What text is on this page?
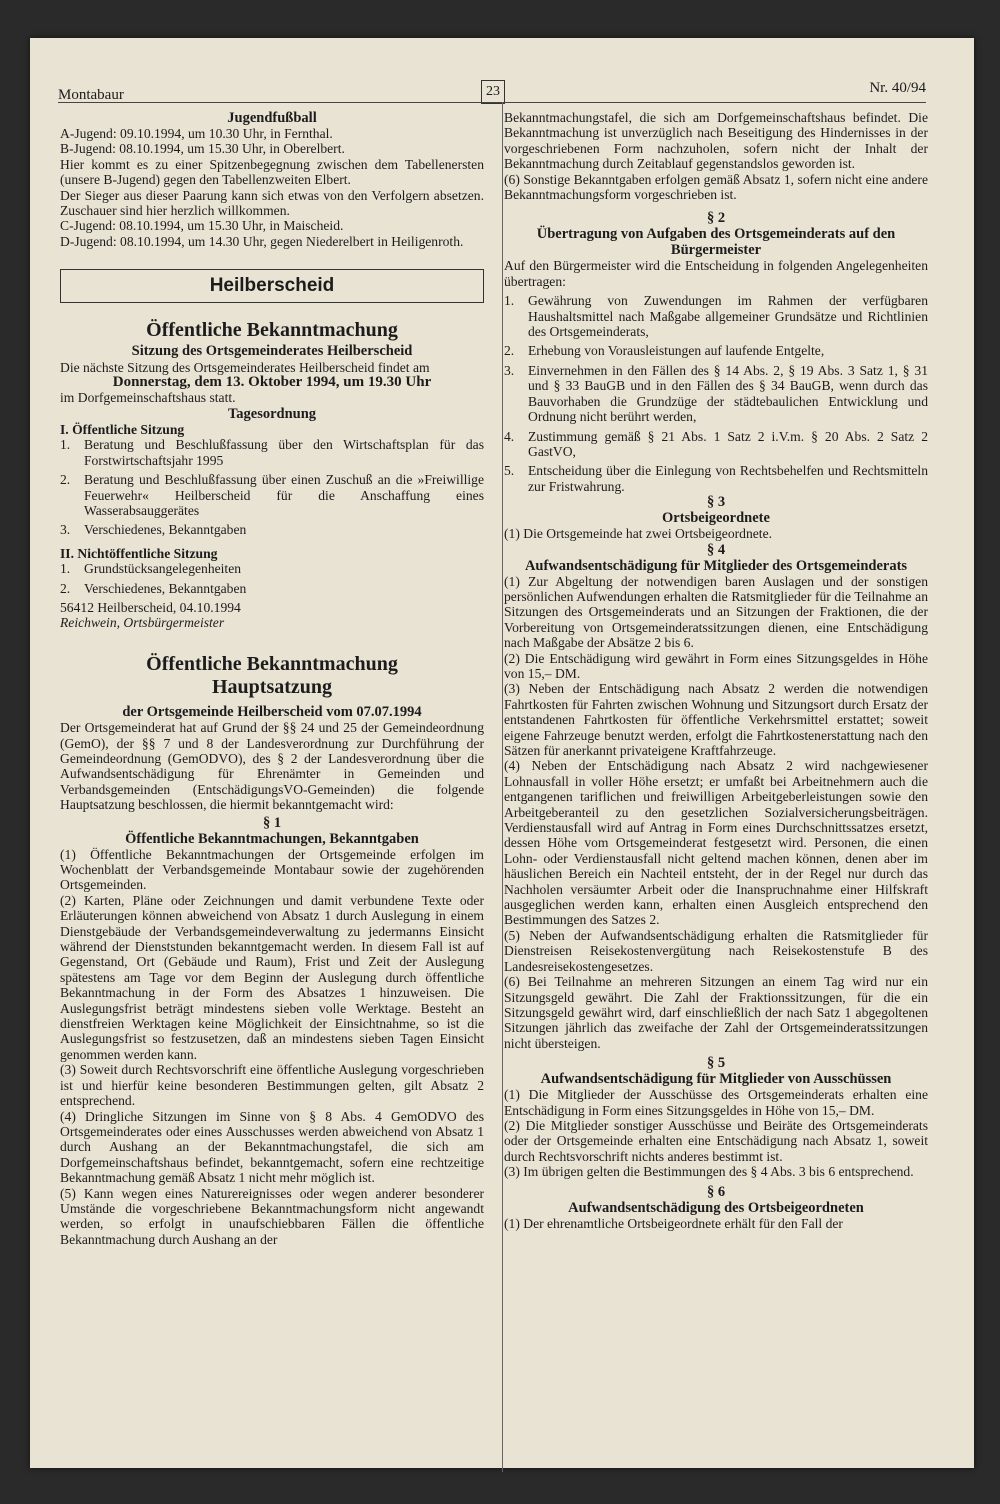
Montabaur	23	Nr. 40/94
Jugendfußball

A-Jugend: 09.10.1994, um 10.30 Uhr, in Fernthal.

B-Jugend: 08.10.1994, um 15.30 Uhr, in Oberelbert.

Hier kommt es zu einer Spitzenbegegnung zwischen dem Tabellenersten (unsere B-Jugend) gegen den Tabellenzweiten Elbert.

Der Sieger aus dieser Paarung kann sich etwas von den Verfolgern absetzen. Zuschauer sind hier herzlich willkommen.

C-Jugend: 08.10.1994, um 15.30 Uhr, in Maischeid.

D-Jugend: 08.10.1994, um 14.30 Uhr, gegen Niederelbert in Heiligenroth.

Heilberscheid
Öffentliche Bekanntmachung
Sitzung des Ortsgemeinderates Heilberscheid

Die nächste Sitzung des Ortsgemeinderates Heilberscheid findet am

Donnerstag, dem 13. Oktober 1994, um 19.30 Uhr

im Dorfgemeinschaftshaus statt.

Tagesordnung
I. Öffentliche Sitzung
1.	Beratung und Beschlußfassung über den Wirtschaftsplan für das Forstwirtschaftsjahr 1995
2.	Beratung und Beschlußfassung über einen Zuschuß an die »Freiwillige Feuerwehr« Heilberscheid für die Anschaffung eines Wasserabsauggerätes
3.	Verschiedenes, Bekanntgaben
II. Nichtöffentliche Sitzung
1.	Grundstücksangelegenheiten
2.	Verschiedenes, Bekanntgaben

56412 Heilberscheid, 04.10.1994

Reichwein, Ortsbürgermeister

Öffentliche Bekanntmachung
Hauptsatzung
der Ortsgemeinde Heilberscheid vom 07.07.1994

Der Ortsgemeinderat hat auf Grund der §§ 24 und 25 der Gemeindeordnung (GemO), der §§ 7 und 8 der Landesverordnung zur Durchführung der Gemeindeordnung (GemODVO), des § 2 der Landesverordnung über die Aufwandsentschädigung für Ehrenämter in Gemeinden und Verbandsgemeinden (EntschädigungsVO-Gemeinden) die folgende Hauptsatzung beschlossen, die hiermit bekanntgemacht wird:

§ 1
Öffentliche Bekanntmachungen, Bekanntgaben

(1) Öffentliche Bekanntmachungen der Ortsgemeinde erfolgen im Wochenblatt der Verbandsgemeinde Montabaur sowie der zugehörenden Ortsgemeinden.

(2) Karten, Pläne oder Zeichnungen und damit verbundene Texte oder Erläuterungen können abweichend von Absatz 1 durch Auslegung in einem Dienstgebäude der Verbandsgemeindeverwaltung zu jedermanns Einsicht während der Dienststunden bekanntgemacht werden. In diesem Fall ist auf Gegenstand, Ort (Gebäude und Raum), Frist und Zeit der Auslegung spätestens am Tage vor dem Beginn der Auslegung durch öffentliche Bekanntmachung in der Form des Absatzes 1 hinzuweisen. Die Auslegungsfrist beträgt mindestens sieben volle Werktage. Besteht an dienstfreien Werktagen keine Möglichkeit der Einsichtnahme, so ist die Auslegungsfrist so festzusetzen, daß an mindestens sieben Tagen Einsicht genommen werden kann.

(3) Soweit durch Rechtsvorschrift eine öffentliche Auslegung vorgeschrieben ist und hierfür keine besonderen Bestimmungen gelten, gilt Absatz 2 entsprechend.

(4) Dringliche Sitzungen im Sinne von § 8 Abs. 4 GemODVO des Ortsgemeinderates oder eines Ausschusses werden abweichend von Absatz 1 durch Aushang an der Bekanntmachungstafel, die sich am Dorfgemeinschaftshaus befindet, bekanntgemacht, sofern eine rechtzeitige Bekanntmachung gemäß Absatz 1 nicht mehr möglich ist.

(5) Kann wegen eines Naturereignisses oder wegen anderer besonderer Umstände die vorgeschriebene Bekanntmachungsform nicht angewandt werden, so erfolgt in unaufschiebbaren Fällen die öffentliche Bekanntmachung durch Aushang an der

Bekanntmachungstafel, die sich am Dorfgemeinschaftshaus befindet. Die Bekanntmachung ist unverzüglich nach Beseitigung des Hindernisses in der vorgeschriebenen Form nachzuholen, sofern nicht der Inhalt der Bekanntmachung durch Zeitablauf gegenstandslos geworden ist.

(6) Sonstige Bekanntgaben erfolgen gemäß Absatz 1, sofern nicht eine andere Bekanntmachungsform vorgeschrieben ist.

§ 2
Übertragung von Aufgaben des Ortsgemeinderats auf den Bürgermeister

Auf den Bürgermeister wird die Entscheidung in folgenden Angelegenheiten übertragen:

1.	Gewährung von Zuwendungen im Rahmen der verfügbaren Haushaltsmittel nach Maßgabe allgemeiner Grundsätze und Richtlinien des Ortsgemeinderats,
2.	Erhebung von Vorausleistungen auf laufende Entgelte,
3.	Einvernehmen in den Fällen des § 14 Abs. 2, § 19 Abs. 3 Satz 1, § 31 und § 33 BauGB und in den Fällen des § 34 BauGB, wenn durch das Bauvorhaben die Grundzüge der städtebaulichen Entwicklung und Ordnung nicht berührt werden,
4.	Zustimmung gemäß § 21 Abs. 1 Satz 2 i.V.m. § 20 Abs. 2 Satz 2 GastVO,
5.	Entscheidung über die Einlegung von Rechtsbehelfen und Rechtsmitteln zur Fristwahrung.
§ 3
Ortsbeigeordnete

(1) Die Ortsgemeinde hat zwei Ortsbeigeordnete.

§ 4
Aufwandsentschädigung für Mitglieder des Ortsgemeinderats

(1) Zur Abgeltung der notwendigen baren Auslagen und der sonstigen persönlichen Aufwendungen erhalten die Ratsmitglieder für die Teilnahme an Sitzungen des Ortsgemeinderats und an Sitzungen der Fraktionen, die der Vorbereitung von Ortsgemeinderatssitzungen dienen, eine Entschädigung nach Maßgabe der Absätze 2 bis 6.

(2) Die Entschädigung wird gewährt in Form eines Sitzungsgeldes in Höhe von 15,– DM.

(3) Neben der Entschädigung nach Absatz 2 werden die notwendigen Fahrtkosten für Fahrten zwischen Wohnung und Sitzungsort durch Ersatz der entstandenen Fahrtkosten für öffentliche Verkehrsmittel erstattet; soweit eigene Fahrzeuge benutzt werden, erfolgt die Fahrtkostenerstattung nach den Sätzen für anerkannt privateigene Kraftfahrzeuge.

(4) Neben der Entschädigung nach Absatz 2 wird nachgewiesener Lohnausfall in voller Höhe ersetzt; er umfaßt bei Arbeitnehmern auch die entgangenen tariflichen und freiwilligen Arbeitgeberleistungen sowie den Arbeitgeberanteil zu den gesetzlichen Sozialversicherungsbeiträgen. Verdienstausfall wird auf Antrag in Form eines Durchschnittssatzes ersetzt, dessen Höhe vom Ortsgemeinderat festgesetzt wird. Personen, die einen Lohn- oder Verdienstausfall nicht geltend machen können, denen aber im häuslichen Bereich ein Nachteil entsteht, der in der Regel nur durch das Nachholen versäumter Arbeit oder die Inanspruchnahme einer Hilfskraft ausgeglichen werden kann, erhalten einen Ausgleich entsprechend den Bestimmungen des Satzes 2.

(5) Neben der Aufwandsentschädigung erhalten die Ratsmitglieder für Dienstreisen Reisekostenvergütung nach Reisekostenstufe B des Landesreisekostengesetzes.

(6) Bei Teilnahme an mehreren Sitzungen an einem Tag wird nur ein Sitzungsgeld gewährt. Die Zahl der Fraktionssitzungen, für die ein Sitzungsgeld gewährt wird, darf einschließlich der nach Satz 1 abgegoltenen Sitzungen jährlich das zweifache der Zahl der Ortsgemeinderatssitzungen nicht übersteigen.

§ 5
Aufwandsentschädigung für Mitglieder von Ausschüssen

(1) Die Mitglieder der Ausschüsse des Ortsgemeinderats erhalten eine Entschädigung in Form eines Sitzungsgeldes in Höhe von 15,– DM.

(2) Die Mitglieder sonstiger Ausschüsse und Beiräte des Ortsgemeinderats oder der Ortsgemeinde erhalten eine Entschädigung nach Absatz 1, soweit durch Rechtsvorschrift nichts anderes bestimmt ist.

(3) Im übrigen gelten die Bestimmungen des § 4 Abs. 3 bis 6 entsprechend.

§ 6
Aufwandsentschädigung des Ortsbeigeordneten

(1) Der ehrenamtliche Ortsbeigeordnete erhält für den Fall der
